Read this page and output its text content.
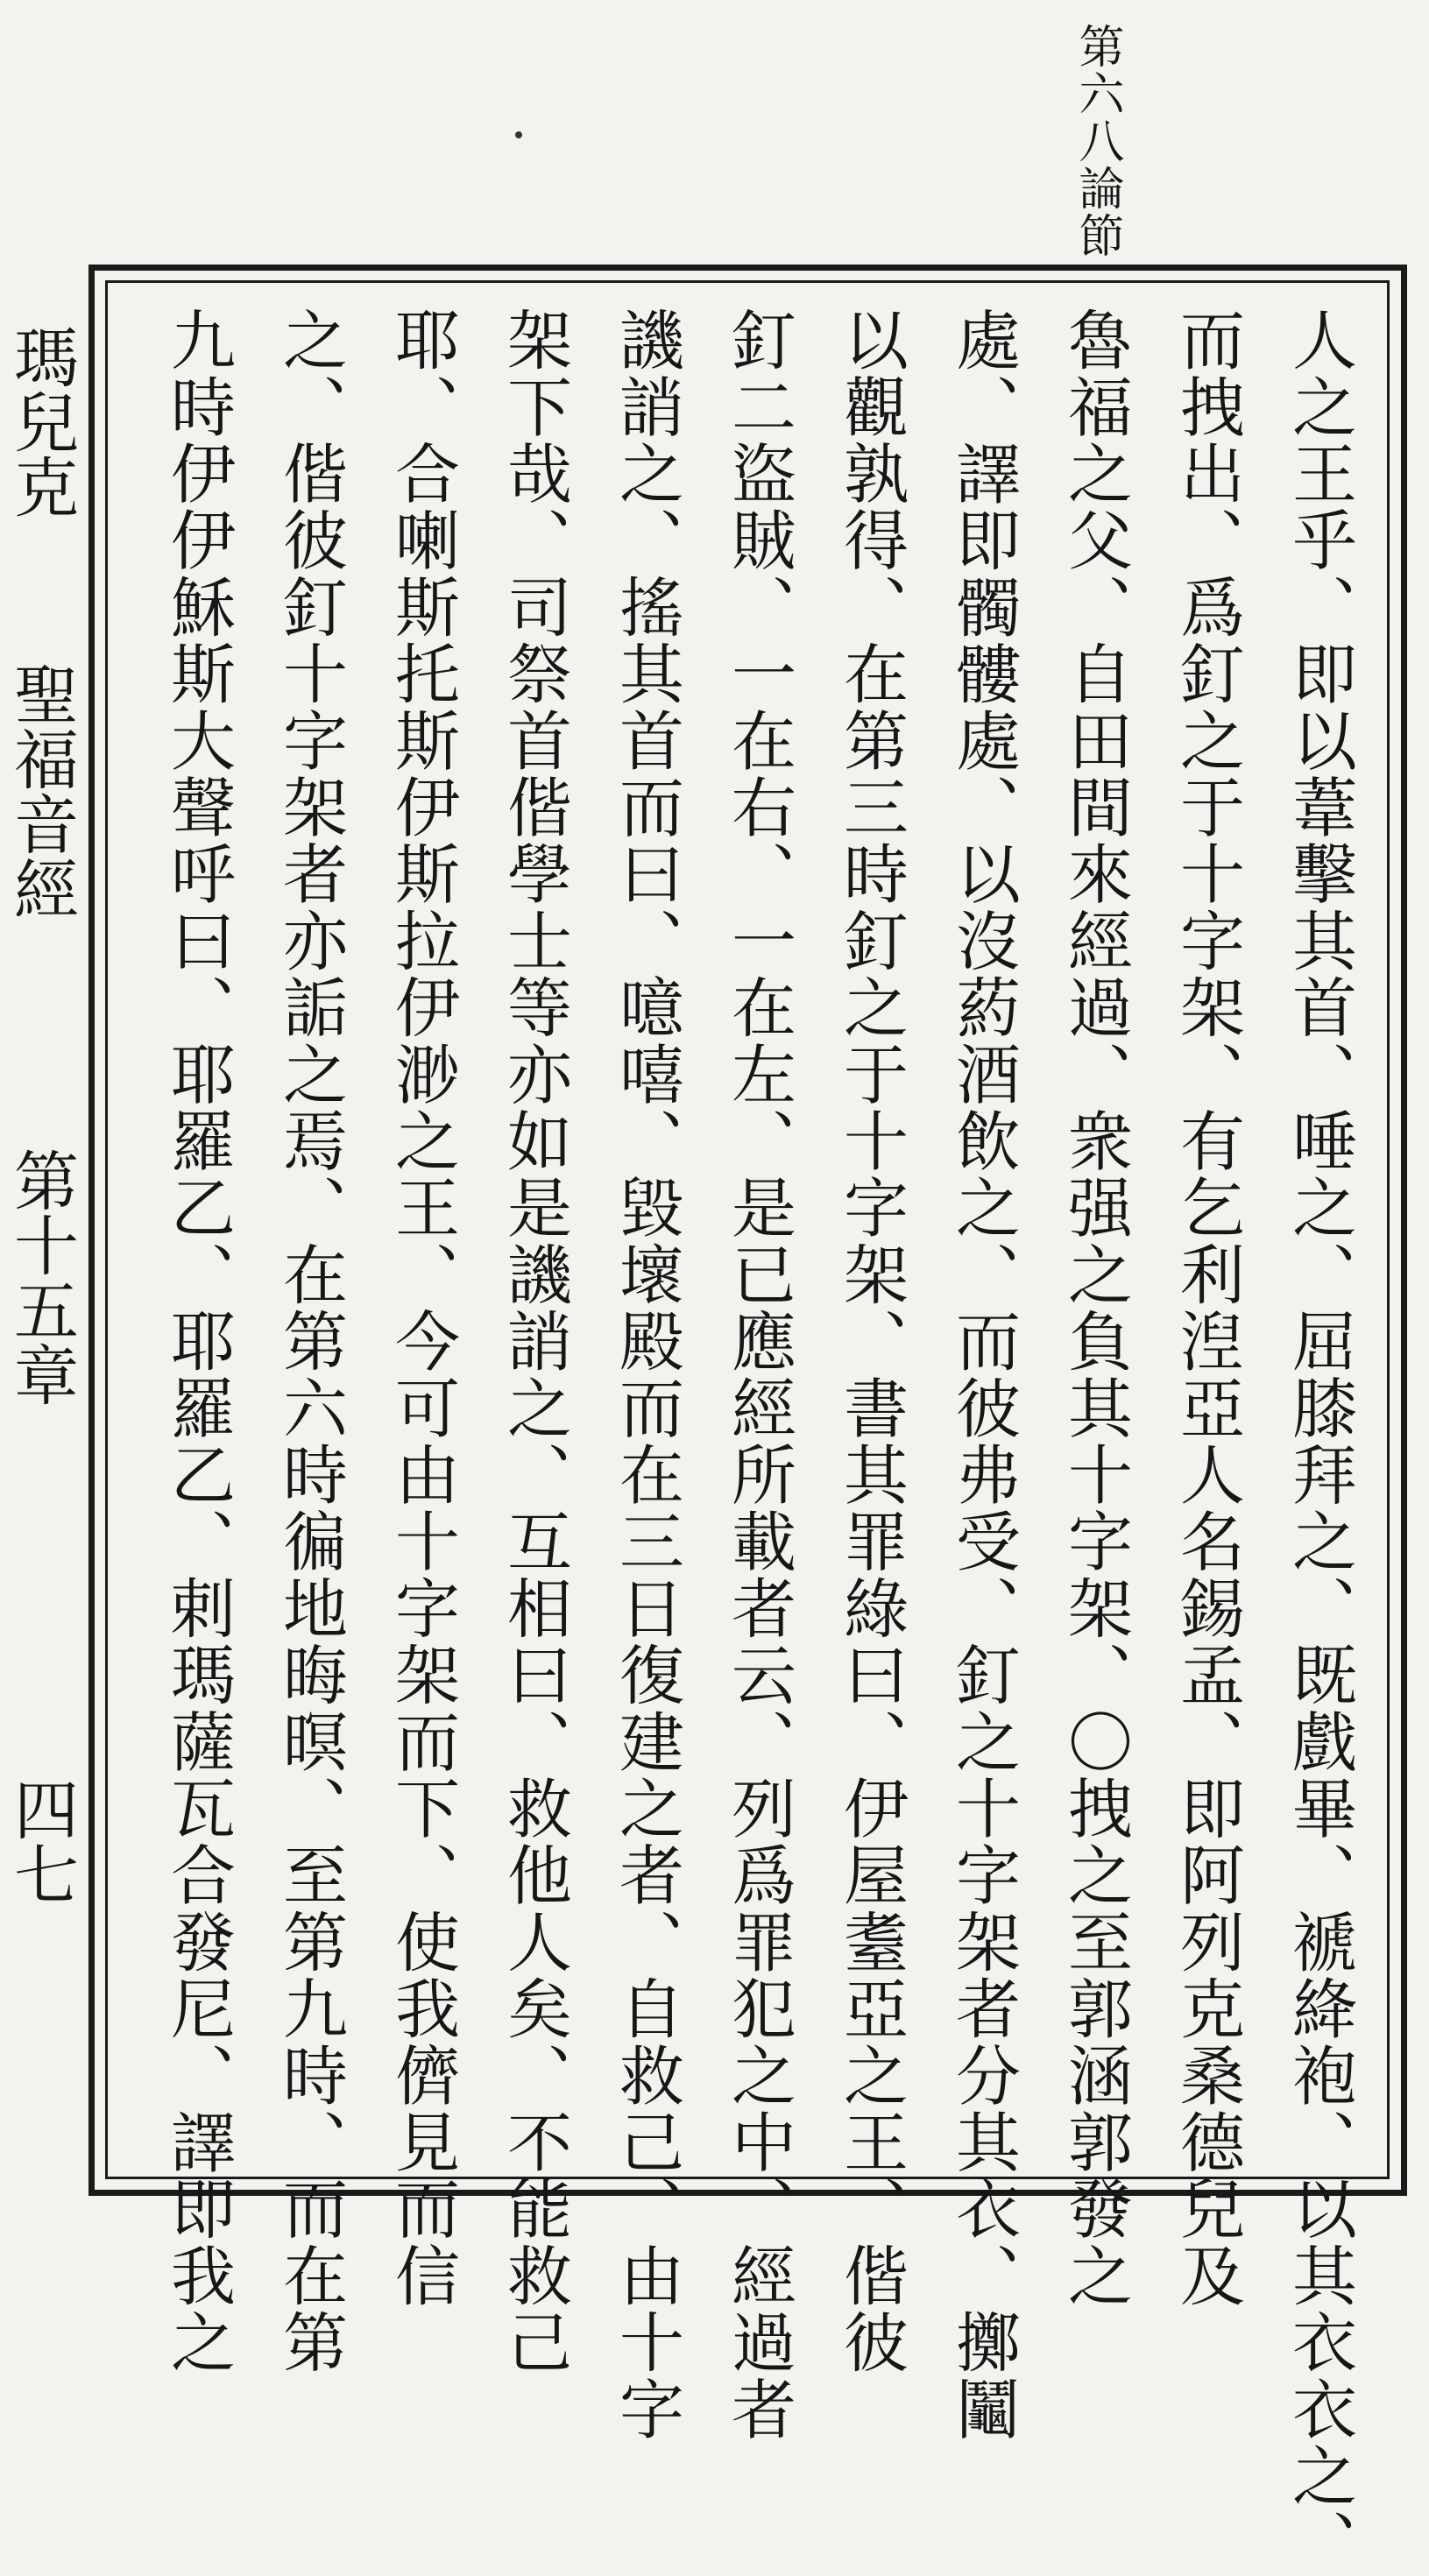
第六八論節
瑪兒克
聖福音經
第十五章
四七	人之王乎、即以葦擊其首、唾之、屈膝拜之、既戲畢、褫絳袍、以其衣衣之、
而拽出、爲釘之于十字架、有乞利湼亞人名錫孟、即阿列克桑德兒及
魯福之父、自田間來經過、衆强之負其十字架、〇拽之至郭涵郭發之
處、譯即髑髏處、以沒葯酒飲之、而彼弗受、釘之十字架者分其衣、擲鬮
以觀孰得、在第三時釘之于十字架、書其罪綠曰、伊屋耋亞之王、偕彼
釘二盜賊、一在右、一在左、是已應經所載者云、列爲罪犯之中、經過者
譏誚之、搖其首而曰、噫嘻、毀壞殿而在三日復建之者、自救己、由十字
架下哉、司祭首偕學士等亦如是譏誚之、互相曰、救他人矣、不能救己
耶、合喇斯托斯伊斯拉伊渺之王、今可由十字架而下、使我儕見而信
之、偕彼釘十字架者亦詬之焉、在第六時徧地晦暝、至第九時、而在第
九時伊伊穌斯大聲呼曰、耶羅乙、耶羅乙、剌瑪薩瓦合發尼、譯即我之
